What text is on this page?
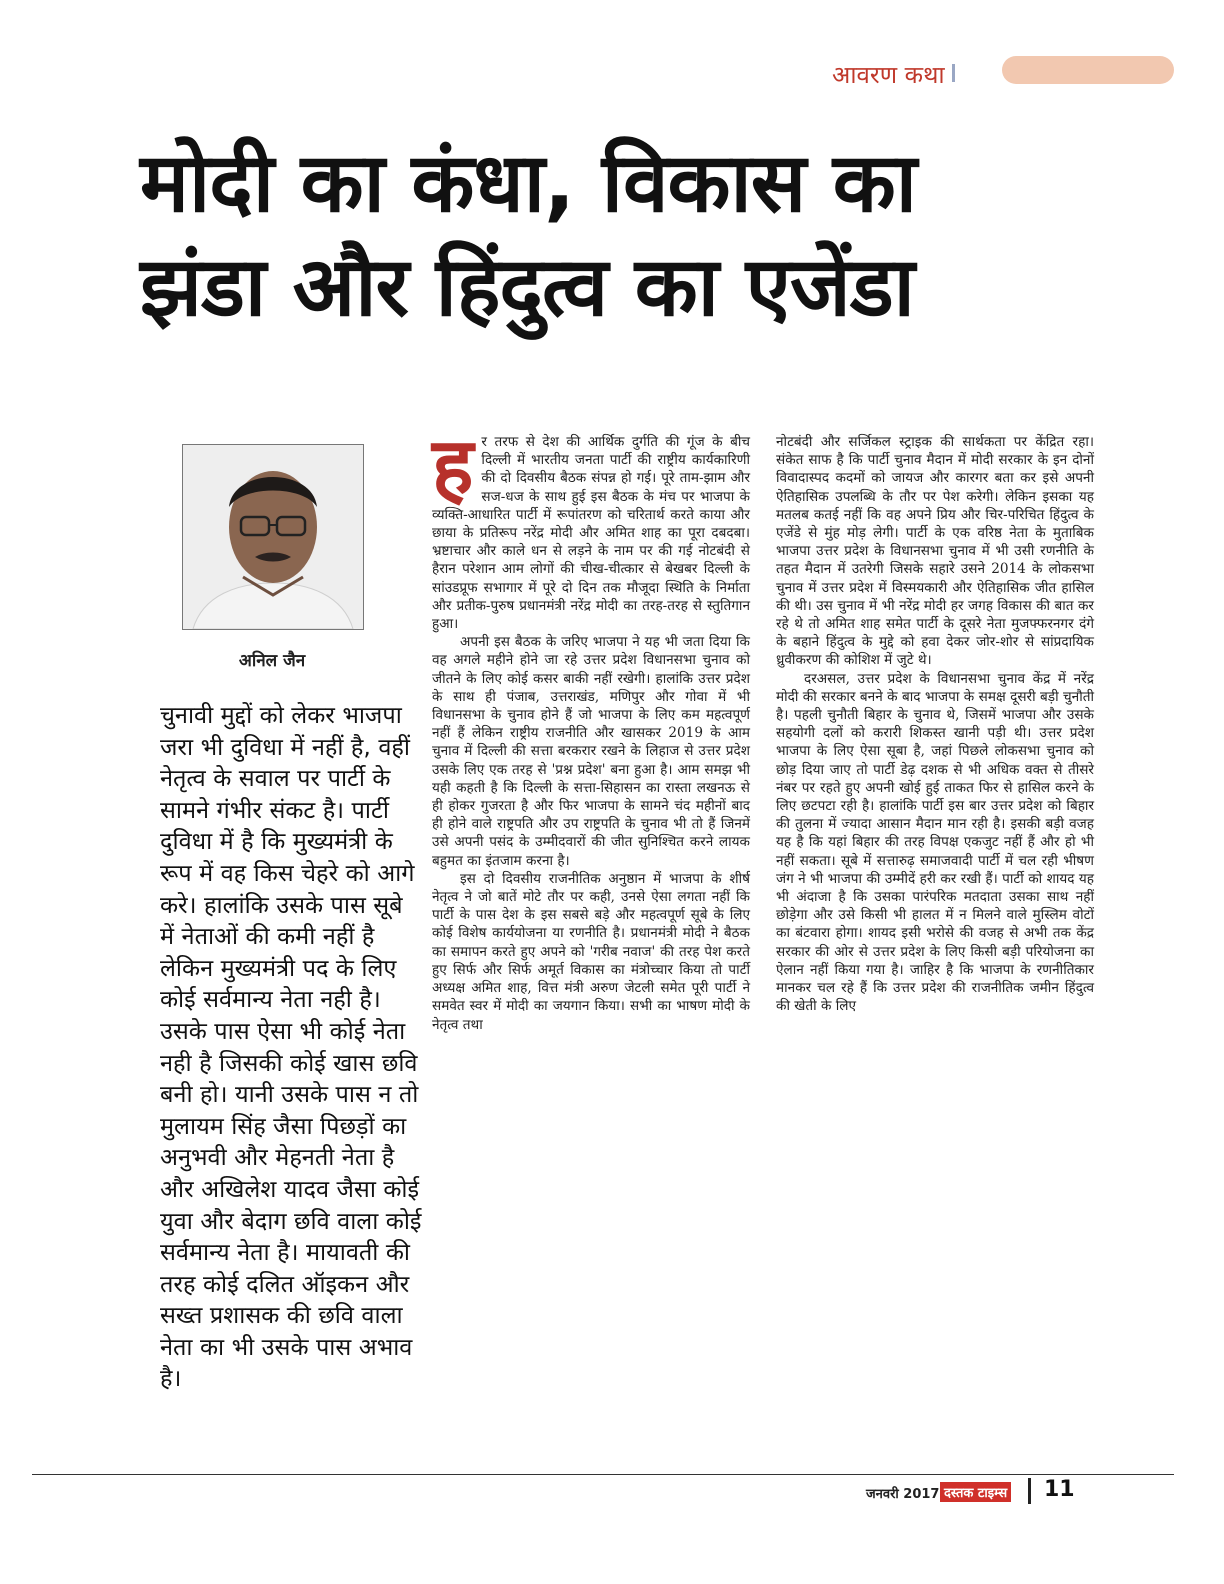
आवरण कथा
मोदी का कंधा, विकास का
झंडा और हिंदुत्व का एजेंडा
अनिल जैन

चुनावी मुद्दों को लेकर भाजपा जरा भी दुविधा में नहीं है, वहीं नेतृत्व के सवाल पर पार्टी के सामने गंभीर संकट है। पार्टी दुविधा में है कि मुख्यमंत्री के रूप में वह किस चेहरे को आगे करे। हालांकि उसके पास सूबे में नेताओं की कमी नहीं है लेकिन मुख्यमंत्री पद के लिए कोई सर्वमान्य नेता नही है। उसके पास ऐसा भी कोई नेता नही है जिसकी कोई खास छवि बनी हो। यानी उसके पास न तो मुलायम सिंह जैसा पिछड़ों का अनुभवी और मेहनती नेता है और अखिलेश यादव जैसा कोई युवा और बेदाग छवि वाला कोई सर्वमान्य नेता है। मायावती की तरह कोई दलित ऑइकन और सख्त प्रशासक की छवि वाला नेता का भी उसके पास अभाव है।

ह र तरफ से देश की आर्थिक दुर्गति की गूंज के बीच दिल्ली में भारतीय जनता पार्टी की राष्ट्रीय कार्यकारिणी की दो दिवसीय बैठक संपन्न हो गई। पूरे ताम-झाम और सज-धज के साथ हुई इस बैठक के मंच पर भाजपा के व्यक्ति-आधारित पार्टी में रूपांतरण को चरितार्थ करते काया और छाया के प्रतिरूप नरेंद्र मोदी और अमित शाह का पूरा दबदबा। भ्रष्टाचार और काले धन से लड़ने के नाम पर की गई नोटबंदी से हैरान परेशान आम लोगों की चीख-चीत्कार से बेखबर दिल्ली के सांउडप्रूफ सभागार में पूरे दो दिन तक मौजूदा स्थिति के निर्माता और प्रतीक-पुरुष प्रधानमंत्री नरेंद्र मोदी का तरह-तरह से स्तुतिगान हुआ।

अपनी इस बैठक के जरिए भाजपा ने यह भी जता दिया कि वह अगले महीने होने जा रहे उत्तर प्रदेश विधानसभा चुनाव को जीतने के लिए कोई कसर बाकी नहीं रखेगी। हालांकि उत्तर प्रदेश के साथ ही पंजाब, उत्तराखंड, मणिपुर और गोवा में भी विधानसभा के चुनाव होने हैं जो भाजपा के लिए कम महत्वपूर्ण नहीं हैं लेकिन राष्ट्रीय राजनीति और खासकर 2019 के आम चुनाव में दिल्ली की सत्ता बरकरार रखने के लिहाज से उत्तर प्रदेश उसके लिए एक तरह से 'प्रश्न प्रदेश' बना हुआ है। आम समझ भी यही कहती है कि दिल्ली के सत्ता-सिहासन का रास्ता लखनऊ से ही होकर गुजरता है और फिर भाजपा के सामने चंद महीनों बाद ही होने वाले राष्ट्रपति और उप राष्ट्रपति के चुनाव भी तो हैं जिनमें उसे अपनी पसंद के उम्मीदवारों की जीत सुनिश्चित करने लायक बहुमत का इंतजाम करना है।

इस दो दिवसीय राजनीतिक अनुष्ठान में भाजपा के शीर्ष नेतृत्व ने जो बातें मोटे तौर पर कही, उनसे ऐसा लगता नहीं कि पार्टी के पास देश के इस सबसे बड़े और महत्वपूर्ण सूबे के लिए कोई विशेष कार्ययोजना या रणनीति है। प्रधानमंत्री मोदी ने बैठक का समापन करते हुए अपने को 'गरीब नवाज' की तरह पेश करते हुए सिर्फ और सिर्फ अमूर्त विकास का मंत्रोच्चार किया तो पार्टी अध्यक्ष अमित शाह, वित्त मंत्री अरुण जेटली समेत पूरी पार्टी ने समवेत स्वर में मोदी का जयगान किया। सभी का भाषण मोदी के नेतृत्व तथा

नोटबंदी और सर्जिकल स्ट्राइक की सार्थकता पर केंद्रित रहा। संकेत साफ है कि पार्टी चुनाव मैदान में मोदी सरकार के इन दोनों विवादास्पद कदमों को जायज और कारगर बता कर इसे अपनी ऐतिहासिक उपलब्धि के तौर पर पेश करेगी। लेकिन इसका यह मतलब कतई नहीं कि वह अपने प्रिय और चिर-परिचित हिंदुत्व के एजेंडे से मुंह मोड़ लेगी। पार्टी के एक वरिष्ठ नेता के मुताबिक भाजपा उत्तर प्रदेश के विधानसभा चुनाव में भी उसी रणनीति के तहत मैदान में उतरेगी जिसके सहारे उसने 2014 के लोकसभा चुनाव में उत्तर प्रदेश में विस्मयकारी और ऐतिहासिक जीत हासिल की थी। उस चुनाव में भी नरेंद्र मोदी हर जगह विकास की बात कर रहे थे तो अमित शाह समेत पार्टी के दूसरे नेता मुजफ्फरनगर दंगे के बहाने हिंदुत्व के मुद्दे को हवा देकर जोर-शोर से सांप्रदायिक ध्रुवीकरण की कोशिश में जुटे थे।

दरअसल, उत्तर प्रदेश के विधानसभा चुनाव केंद्र में नरेंद्र मोदी की सरकार बनने के बाद भाजपा के समक्ष दूसरी बड़ी चुनौती है। पहली चुनौती बिहार के चुनाव थे, जिसमें भाजपा और उसके सहयोगी दलों को करारी शिकस्त खानी पड़ी थी। उत्तर प्रदेश भाजपा के लिए ऐसा सूबा है, जहां पिछले लोकसभा चुनाव को छोड़ दिया जाए तो पार्टी डेढ़ दशक से भी अधिक वक्त से तीसरे नंबर पर रहते हुए अपनी खोई हुई ताकत फिर से हासिल करने के लिए छटपटा रही है। हालांकि पार्टी इस बार उत्तर प्रदेश को बिहार की तुलना में ज्यादा आसान मैदान मान रही है। इसकी बड़ी वजह यह है कि यहां बिहार की तरह विपक्ष एकजुट नहीं हैं और हो भी नहीं सकता। सूबे में सत्तारुढ़ समाजवादी पार्टी में चल रही भीषण जंग ने भी भाजपा की उम्मीदें हरी कर रखी हैं। पार्टी को शायद यह भी अंदाजा है कि उसका पारंपरिक मतदाता उसका साथ नहीं छोड़ेगा और उसे किसी भी हालत में न मिलने वाले मुस्लिम वोटों का बंटवारा होगा। शायद इसी भरोसे की वजह से अभी तक केंद्र सरकार की ओर से उत्तर प्रदेश के लिए किसी बड़ी परियोजना का ऐलान नहीं किया गया है। जाहिर है कि भाजपा के रणनीतिकार मानकर चल रहे हैं कि उत्तर प्रदेश की राजनीतिक जमीन हिंदुत्व की खेती के लिए

जनवरी 2017 दस्तक टाइम्स 11
